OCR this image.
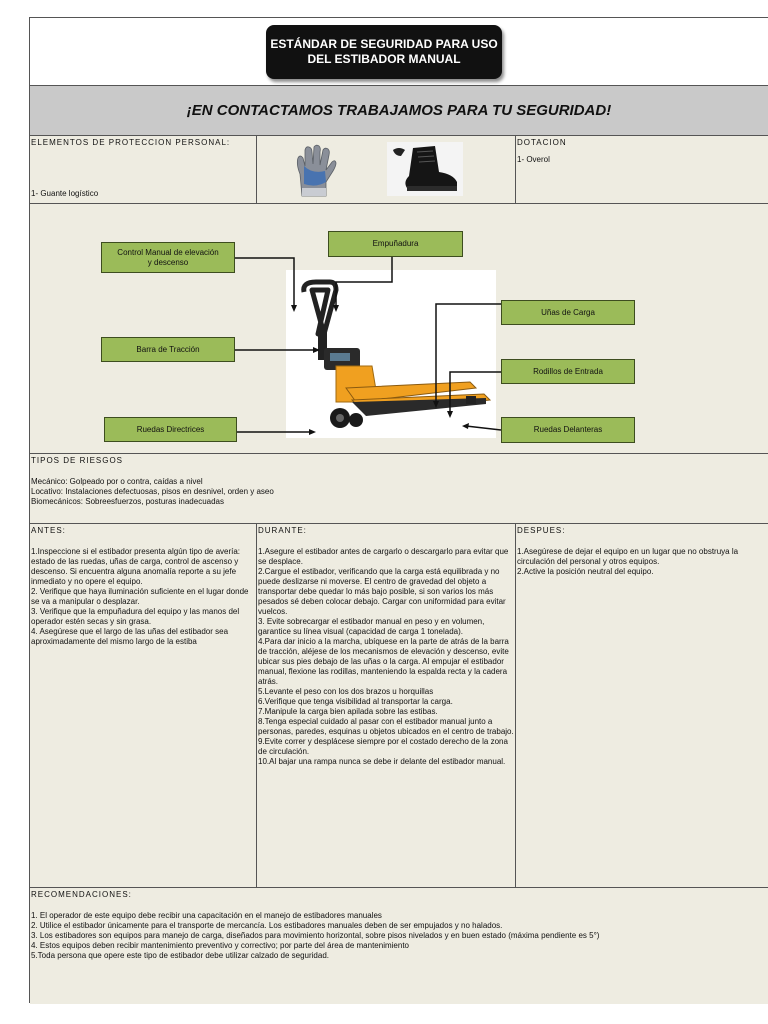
ESTÁNDAR DE SEGURIDAD PARA USO
DEL ESTIBADOR MANUAL
¡EN CONTACTAMOS TRABAJAMOS PARA TU SEGURIDAD!
ELEMENTOS DE PROTECCION PERSONAL:
1- Guante logístico
DOTACION
1- Overol
Control Manual de elevación
y descenso
Empuñadura
Uñas de Carga
Barra de Tracción
Rodillos de Entrada
Ruedas Directrices	Ruedas Delanteras
TIPOS DE RIESGOS
Mecánico: Golpeado por o contra, caídas a nivel
Locativo: Instalaciones defectuosas, pisos en desnivel, orden y aseo
Biomecánicos: Sobreesfuerzos, posturas inadecuadas
ANTES:
1.Inspeccione si el estibador presenta algún tipo de avería: estado de las ruedas, uñas de carga, control de ascenso y descenso. Si encuentra alguna anomalía reporte a su jefe inmediato y no opere el equipo.
2. Verifique que haya iluminación suficiente en el lugar donde se va a manipular o desplazar.
3. Verifique que la empuñadura del equipo y las manos del operador estén secas y sin grasa.
4. Asegúrese que el largo de las uñas del estibador sea aproximadamente del mismo largo de la estiba
DURANTE:
1.Asegure el estibador antes de cargarlo o descargarlo para evitar que se desplace.
2.Cargue el estibador, verificando que la carga está equilibrada y no puede deslizarse ni moverse. El centro de gravedad del objeto a transportar debe quedar lo más bajo posible, si son varios los más pesados sé deben colocar debajo. Cargar con uniformidad para evitar vuelcos.
3. Evite sobrecargar el estibador manual en peso y en volumen, garantice su línea visual (capacidad de carga 1 tonelada).
4.Para dar inicio a la marcha, ubíquese en la parte de atrás de la barra de tracción, aléjese de los mecanismos de elevación y descenso, evite ubicar sus pies debajo de las uñas o la carga. Al empujar el estibador manual, flexione las rodillas, manteniendo la espalda recta y la cadera atrás.
5.Levante el peso con los dos brazos u horquillas
6.Verifique que tenga visibilidad al transportar la carga.
7.Manipule la carga bien apilada sobre las estibas.
8.Tenga especial cuidado al pasar con el estibador manual junto a personas, paredes, esquinas u objetos ubicados en el centro de trabajo.
9.Evite correr y desplácese siempre por el costado derecho de la zona de circulación.
10.Al bajar una rampa nunca se debe ir delante del estibador manual.
DESPUES:
1.Asegúrese de dejar el equipo en un lugar que no obstruya la circulación del personal y otros equipos.
2.Active la posición neutral del equipo.
RECOMENDACIONES:
1. El operador de este equipo debe recibir una capacitación en el manejo de estibadores manuales
2. Utilice el estibador únicamente para el transporte de mercancía. Los estibadores manuales deben de ser empujados y no halados.
3. Los estibadores son equipos para manejo de carga, diseñados para movimiento horizontal, sobre pisos nivelados y en buen estado (máxima pendiente es 5°)
4. Estos equipos deben recibir mantenimiento preventivo y correctivo; por parte del área de mantenimiento
5.Toda persona que opere este tipo de estibador debe utilizar calzado de seguridad.
